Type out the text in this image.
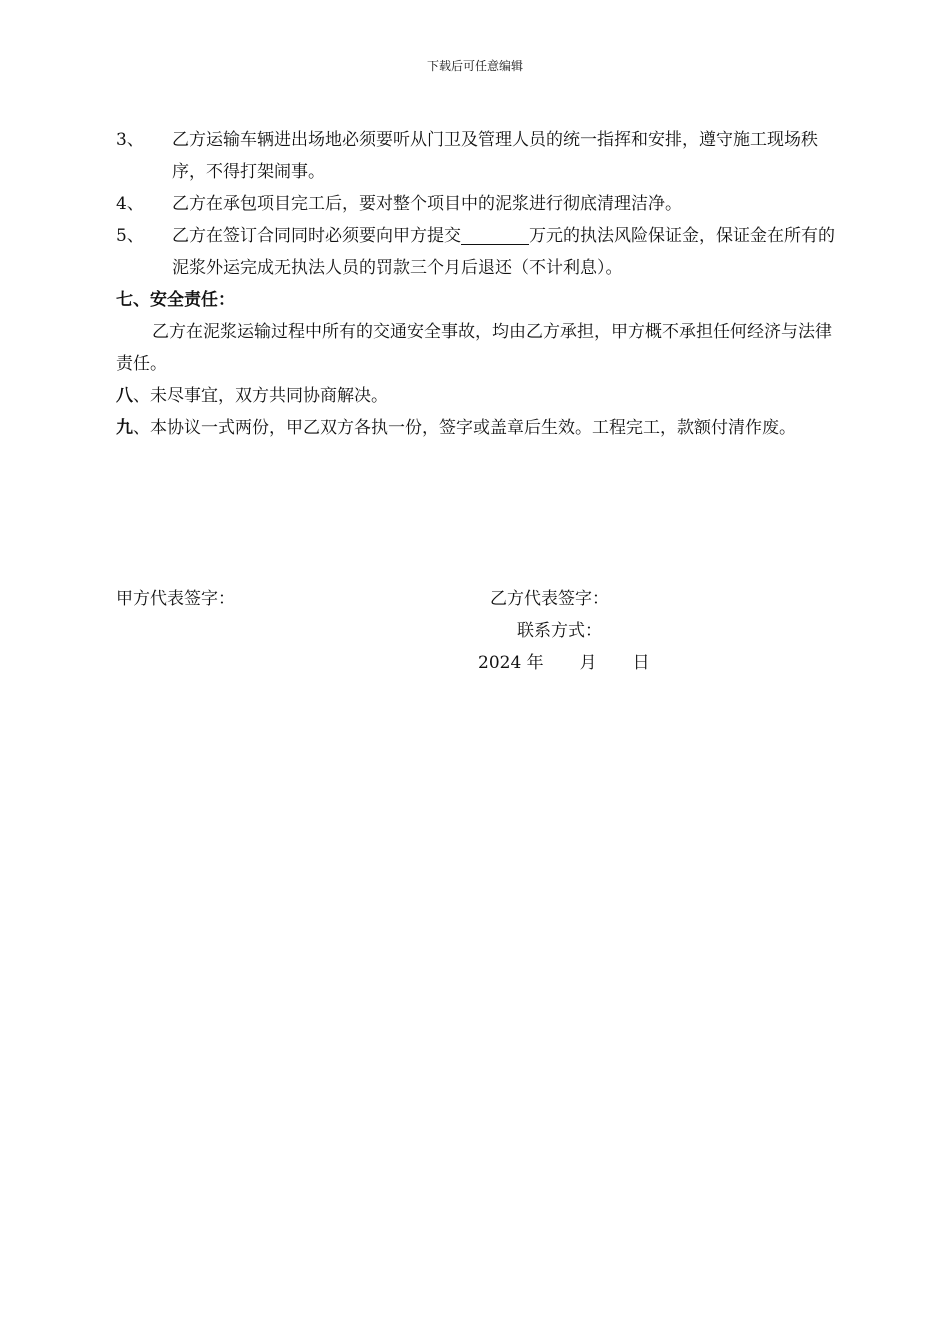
下载后可任意编辑
3、 乙方运输车辆进出场地必须要听从门卫及管理人员的统一指挥和安排，遵守施工现场秩序，不得打架闹事。
4、 乙方在承包项目完工后，要对整个项目中的泥浆进行彻底清理洁净。
5、 乙方在签订合同同时必须要向甲方提交	万元的执法风险保证金，保证金在所有的泥浆外运完成无执法人员的罚款三个月后退还（不计利息）。
七、安全责任：
乙方在泥浆运输过程中所有的交通安全事故，均由乙方承担，甲方概不承担任何经济与法律责任。
八、未尽事宜，双方共同协商解决。
九、本协议一式两份，甲乙双方各执一份，签字或盖章后生效。工程完工，款额付清作废。
甲方代表签字：	乙方代表签字：
联系方式：
2024 年 月 日
